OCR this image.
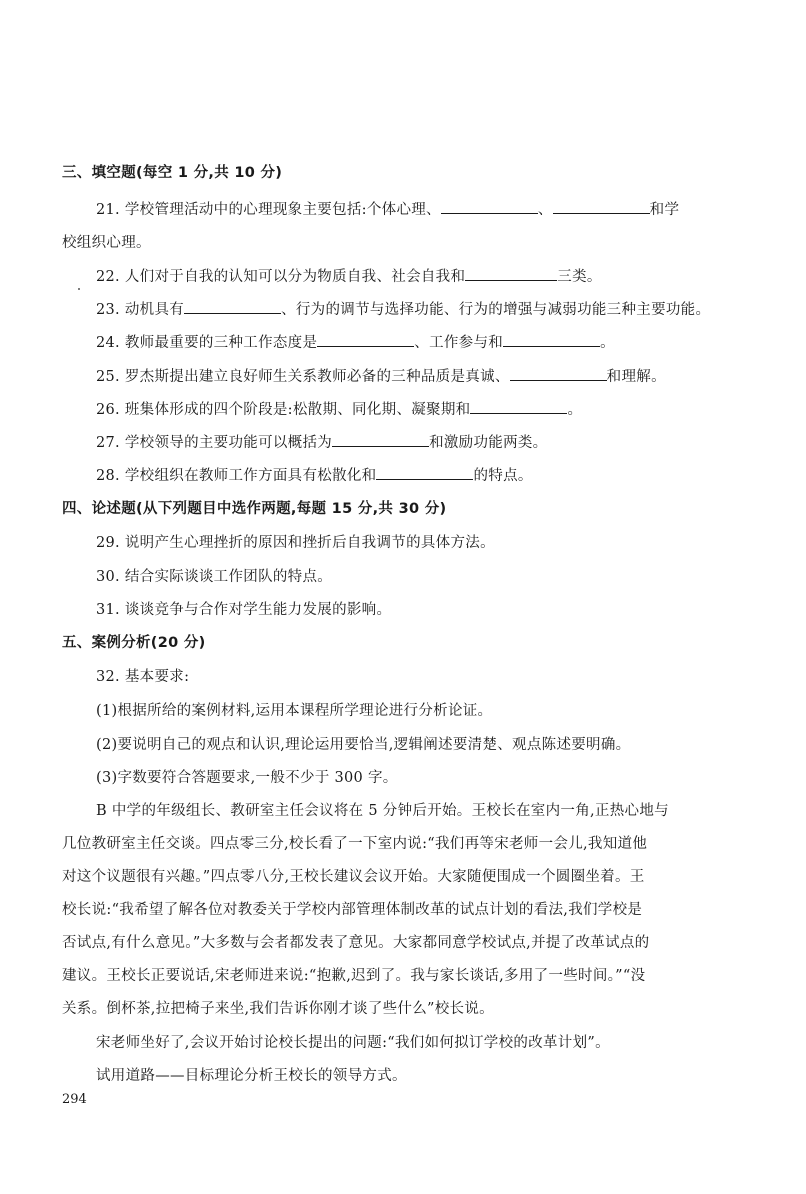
三、填空题(每空 1 分,共 10 分)
21. 学校管理活动中的心理现象主要包括:个体心理、	、	和学
校组织心理。
22. 人们对于自我的认知可以分为物质自我、社会自我和	三类。
23. 动机具有	、行为的调节与选择功能、行为的增强与减弱功能三种主要功能。
24. 教师最重要的三种工作态度是	、工作参与和	。
25. 罗杰斯提出建立良好师生关系教师必备的三种品质是真诚、	和理解。
26. 班集体形成的四个阶段是:松散期、同化期、凝聚期和	。
27. 学校领导的主要功能可以概括为	和激励功能两类。
28. 学校组织在教师工作方面具有松散化和	的特点。
四、论述题(从下列题目中选作两题,每题 15 分,共 30 分)
29. 说明产生心理挫折的原因和挫折后自我调节的具体方法。
30. 结合实际谈谈工作团队的特点。
31. 谈谈竞争与合作对学生能力发展的影响。
五、案例分析(20 分)
32. 基本要求:
(1)根据所给的案例材料,运用本课程所学理论进行分析论证。
(2)要说明自己的观点和认识,理论运用要恰当,逻辑阐述要清楚、观点陈述要明确。
(3)字数要符合答题要求,一般不少于 300 字。
B 中学的年级组长、教研室主任会议将在 5 分钟后开始。王校长在室内一角,正热心地与
几位教研室主任交谈。四点零三分,校长看了一下室内说:“我们再等宋老师一会儿,我知道他
对这个议题很有兴趣。”四点零八分,王校长建议会议开始。大家随便围成一个圆圈坐着。王
校长说:“我希望了解各位对教委关于学校内部管理体制改革的试点计划的看法,我们学校是
否试点,有什么意见。”大多数与会者都发表了意见。大家都同意学校试点,并提了改革试点的
建议。王校长正要说话,宋老师进来说:“抱歉,迟到了。我与家长谈话,多用了一些时间。”“没
关系。倒杯茶,拉把椅子来坐,我们告诉你刚才谈了些什么”校长说。
宋老师坐好了,会议开始讨论校长提出的问题:“我们如何拟订学校的改革计划”。
试用道路——目标理论分析王校长的领导方式。
294
